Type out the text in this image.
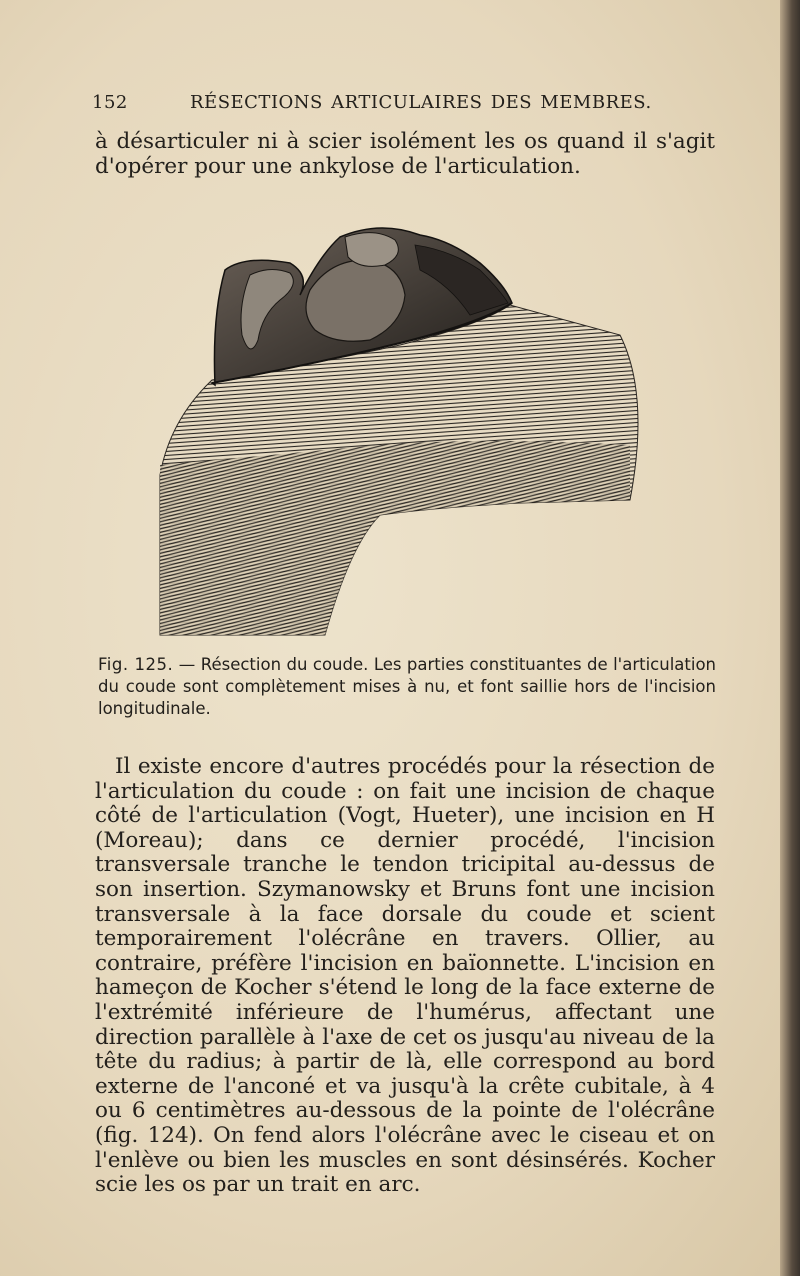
152	RÉSECTIONS ARTICULAIRES DES MEMBRES.

à désarticuler ni à scier isolément les os quand il s'agit d'opérer pour une ankylose de l'articulation.

Fig. 125. — Résection du coude. Les parties constituantes de l'articulation du coude sont complètement mises à nu, et font saillie hors de l'incision longitudinale.

Il existe encore d'autres procédés pour la résection de l'articulation du coude : on fait une incision de chaque côté de l'articulation (Vogt, Hueter), une incision en H (Moreau); dans ce dernier procédé, l'incision transversale tranche le tendon tricipital au-dessus de son insertion. Szymanowsky et Bruns font une incision transversale à la face dorsale du coude et scient temporairement l'olécrâne en travers. Ollier, au contraire, préfère l'incision en baïonnette. L'incision en hameçon de Kocher s'étend le long de la face externe de l'extrémité inférieure de l'humérus, affectant une direction parallèle à l'axe de cet os jusqu'au niveau de la tête du radius; à partir de là, elle correspond au bord externe de l'anconé et va jusqu'à la crête cubitale, à 4 ou 6 centimètres au-dessous de la pointe de l'olécrâne (fig. 124). On fend alors l'olécrâne avec le ciseau et on l'enlève ou bien les muscles en sont désinsérés. Kocher scie les os par un trait en arc.
